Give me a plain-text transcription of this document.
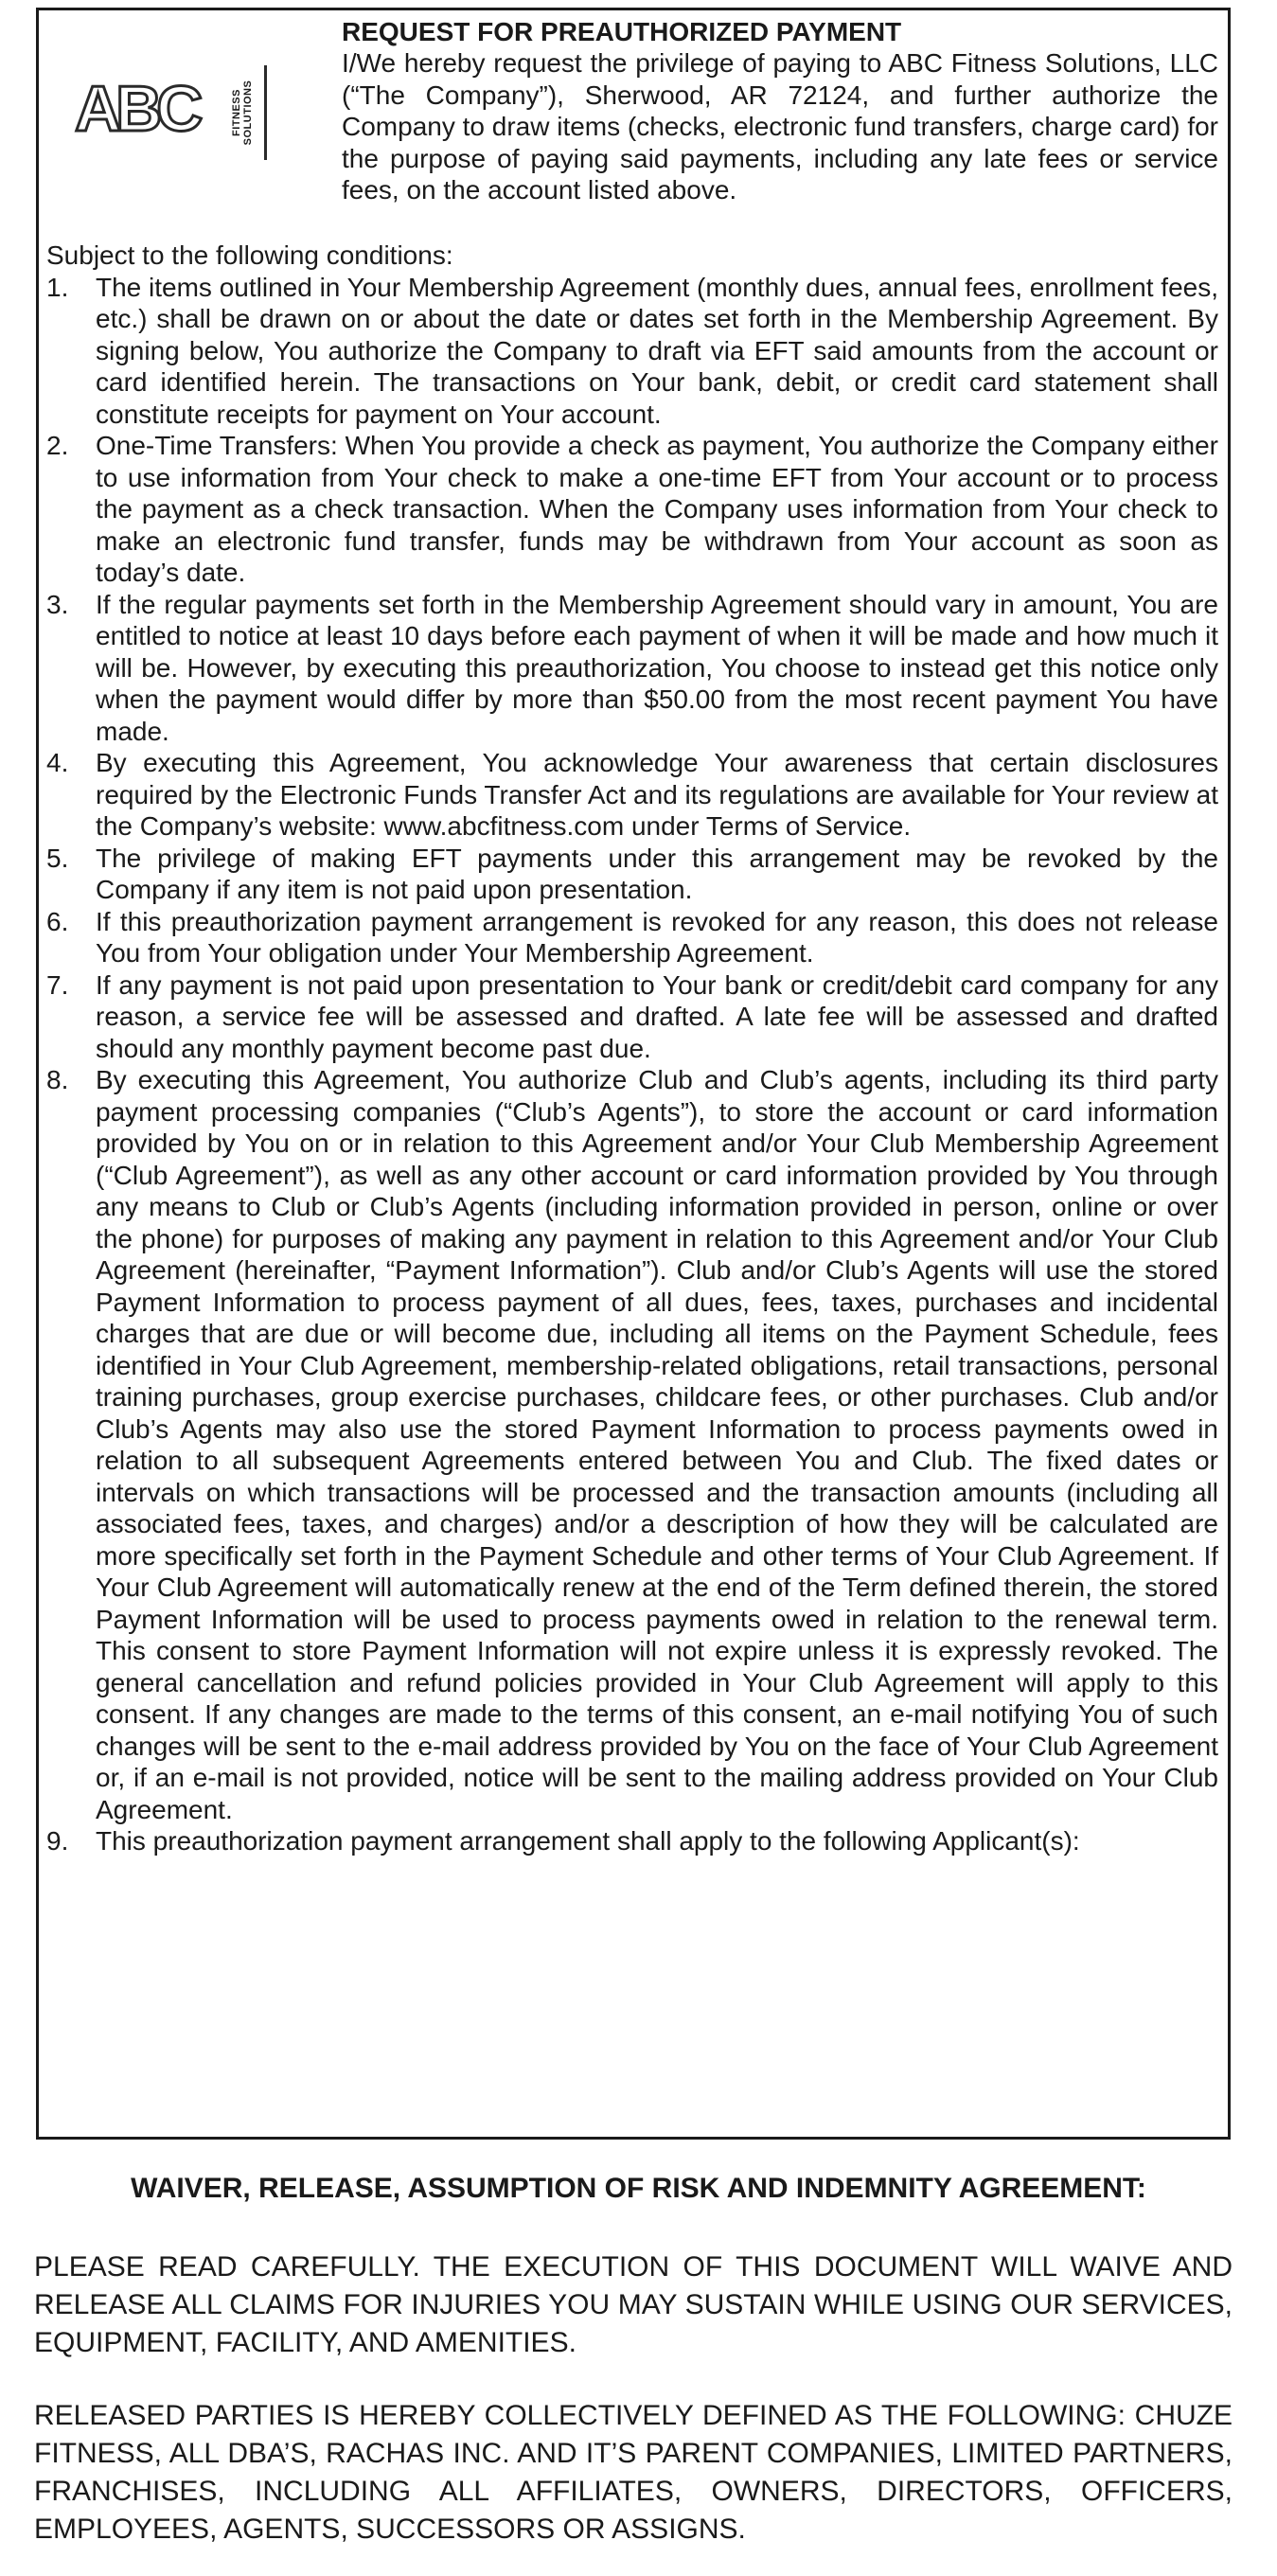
ABC	FITNESS SOLUTIONS
REQUEST FOR PREAUTHORIZED PAYMENT
I/We hereby request the privilege of paying to ABC Fitness Solutions, LLC (“The Company”), Sherwood, AR 72124, and further authorize the Company to draw items (checks, electronic fund transfers, charge card) for the purpose of paying said payments, including any late fees or service fees, on the account listed above.

Subject to the following conditions:

1. The items outlined in Your Membership Agreement (monthly dues, annual fees, enrollment fees, etc.) shall be drawn on or about the date or dates set forth in the Membership Agreement. By signing below, You authorize the Company to draft via EFT said amounts from the account or card identified herein. The transactions on Your bank, debit, or credit card statement shall constitute receipts for payment on Your account.
2. One-Time Transfers: When You provide a check as payment, You authorize the Company either to use information from Your check to make a one-time EFT from Your account or to process the payment as a check transaction. When the Company uses information from Your check to make an electronic fund transfer, funds may be withdrawn from Your account as soon as today’s date.
3. If the regular payments set forth in the Membership Agreement should vary in amount, You are entitled to notice at least 10 days before each payment of when it will be made and how much it will be. However, by executing this preauthorization, You choose to instead get this notice only when the payment would differ by more than $50.00 from the most recent payment You have made.
4. By executing this Agreement, You acknowledge Your awareness that certain disclosures required by the Electronic Funds Transfer Act and its regulations are available for Your review at the Company’s website: www.abcfitness.com under Terms of Service.
5. The privilege of making EFT payments under this arrangement may be revoked by the Company if any item is not paid upon presentation.
6. If this preauthorization payment arrangement is revoked for any reason, this does not release You from Your obligation under Your Membership Agreement.
7. If any payment is not paid upon presentation to Your bank or credit/debit card company for any reason, a service fee will be assessed and drafted. A late fee will be assessed and drafted should any monthly payment become past due.
8. By executing this Agreement, You authorize Club and Club’s agents, including its third party payment processing companies (“Club’s Agents”), to store the account or card information provided by You on or in relation to this Agreement and/or Your Club Membership Agreement (“Club Agreement”), as well as any other account or card information provided by You through any means to Club or Club’s Agents (including information provided in person, online or over the phone) for purposes of making any payment in relation to this Agreement and/or Your Club Agreement (hereinafter, “Payment Information”). Club and/or Club’s Agents will use the stored Payment Information to process payment of all dues, fees, taxes, purchases and incidental charges that are due or will become due, including all items on the Payment Schedule, fees identified in Your Club Agreement, membership-related obligations, retail transactions, personal training purchases, group exercise purchases, childcare fees, or other purchases. Club and/or Club’s Agents may also use the stored Payment Information to process payments owed in relation to all subsequent Agreements entered between You and Club. The fixed dates or intervals on which transactions will be processed and the transaction amounts (including all associated fees, taxes, and charges) and/or a description of how they will be calculated are more specifically set forth in the Payment Schedule and other terms of Your Club Agreement. If Your Club Agreement will automatically renew at the end of the Term defined therein, the stored Payment Information will be used to process payments owed in relation to the renewal term. This consent to store Payment Information will not expire unless it is expressly revoked. The general cancellation and refund policies provided in Your Club Agreement will apply to this consent. If any changes are made to the terms of this consent, an e-mail notifying You of such changes will be sent to the e-mail address provided by You on the face of Your Club Agreement or, if an e-mail is not provided, notice will be sent to the mailing address provided on Your Club Agreement.
9. This preauthorization payment arrangement shall apply to the following Applicant(s):
WAIVER, RELEASE, ASSUMPTION OF RISK AND INDEMNITY AGREEMENT:
PLEASE READ CAREFULLY. THE EXECUTION OF THIS DOCUMENT WILL WAIVE AND RELEASE ALL CLAIMS FOR INJURIES YOU MAY SUSTAIN WHILE USING OUR SERVICES, EQUIPMENT, FACILITY, AND AMENITIES.
RELEASED PARTIES IS HEREBY COLLECTIVELY DEFINED AS THE FOLLOWING: CHUZE FITNESS, ALL DBA’S, RACHAS INC. AND IT’S PARENT COMPANIES, LIMITED PARTNERS, FRANCHISES, INCLUDING ALL AFFILIATES, OWNERS, DIRECTORS, OFFICERS, EMPLOYEES, AGENTS, SUCCESSORS OR ASSIGNS.
